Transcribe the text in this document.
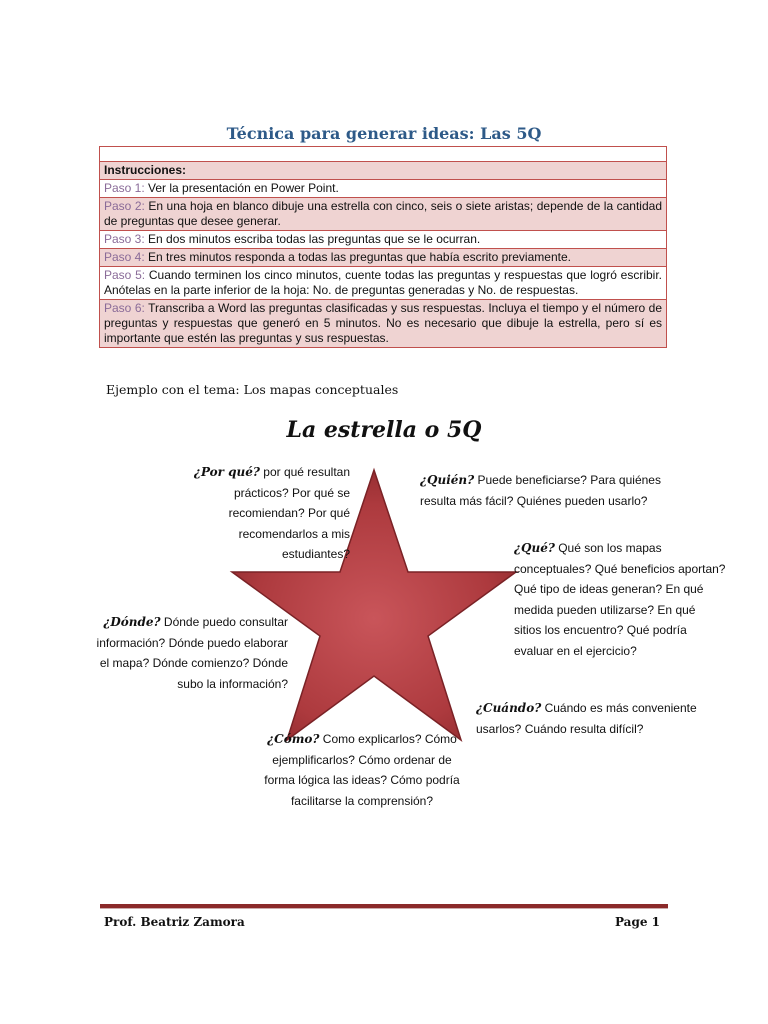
Técnica para generar ideas: Las 5Q

Instrucciones:
Paso 1: Ver la presentación en Power Point.
Paso 2: En una hoja en blanco dibuje una estrella con cinco, seis o siete aristas; depende de la cantidad de preguntas que desee generar.
Paso 3: En dos minutos escriba todas las preguntas que se le ocurran.
Paso 4: En tres minutos responda a todas las preguntas que había escrito previamente.
Paso 5: Cuando terminen los cinco minutos, cuente todas las preguntas y respuestas que logró escribir. Anótelas en la parte inferior de la hoja: No. de preguntas generadas y No. de respuestas.
Paso 6: Transcriba a Word las preguntas clasificadas y sus respuestas. Incluya el tiempo y el número de preguntas y respuestas que generó en 5 minutos. No es necesario que dibuje la estrella, pero sí es importante que estén las preguntas y sus respuestas.
Ejemplo con el tema: Los mapas conceptuales
La estrella o 5Q
¿Por qué? por qué resultan prácticos? Por qué se recomiendan? Por qué recomendarlos a mis estudiantes?
¿Quién? Puede beneficiarse? Para quiénes resulta más fácil? Quiénes pueden usarlo?
¿Qué? Qué son los mapas conceptuales? Qué beneficios aportan? Qué tipo de ideas generan? En qué medida pueden utilizarse? En qué sitios los encuentro? Qué podría evaluar en el ejercicio?
¿Dónde? Dónde puedo consultar información? Dónde puedo elaborar el mapa? Dónde comienzo? Dónde subo la información?
¿Cuándo? Cuándo es más conveniente usarlos? Cuándo resulta difícil?
¿Cómo? Como explicarlos? Cómo ejemplificarlos? Cómo ordenar de forma lógica las ideas? Cómo podría facilitarse la comprensión?
Prof. Beatriz Zamora	Page 1
